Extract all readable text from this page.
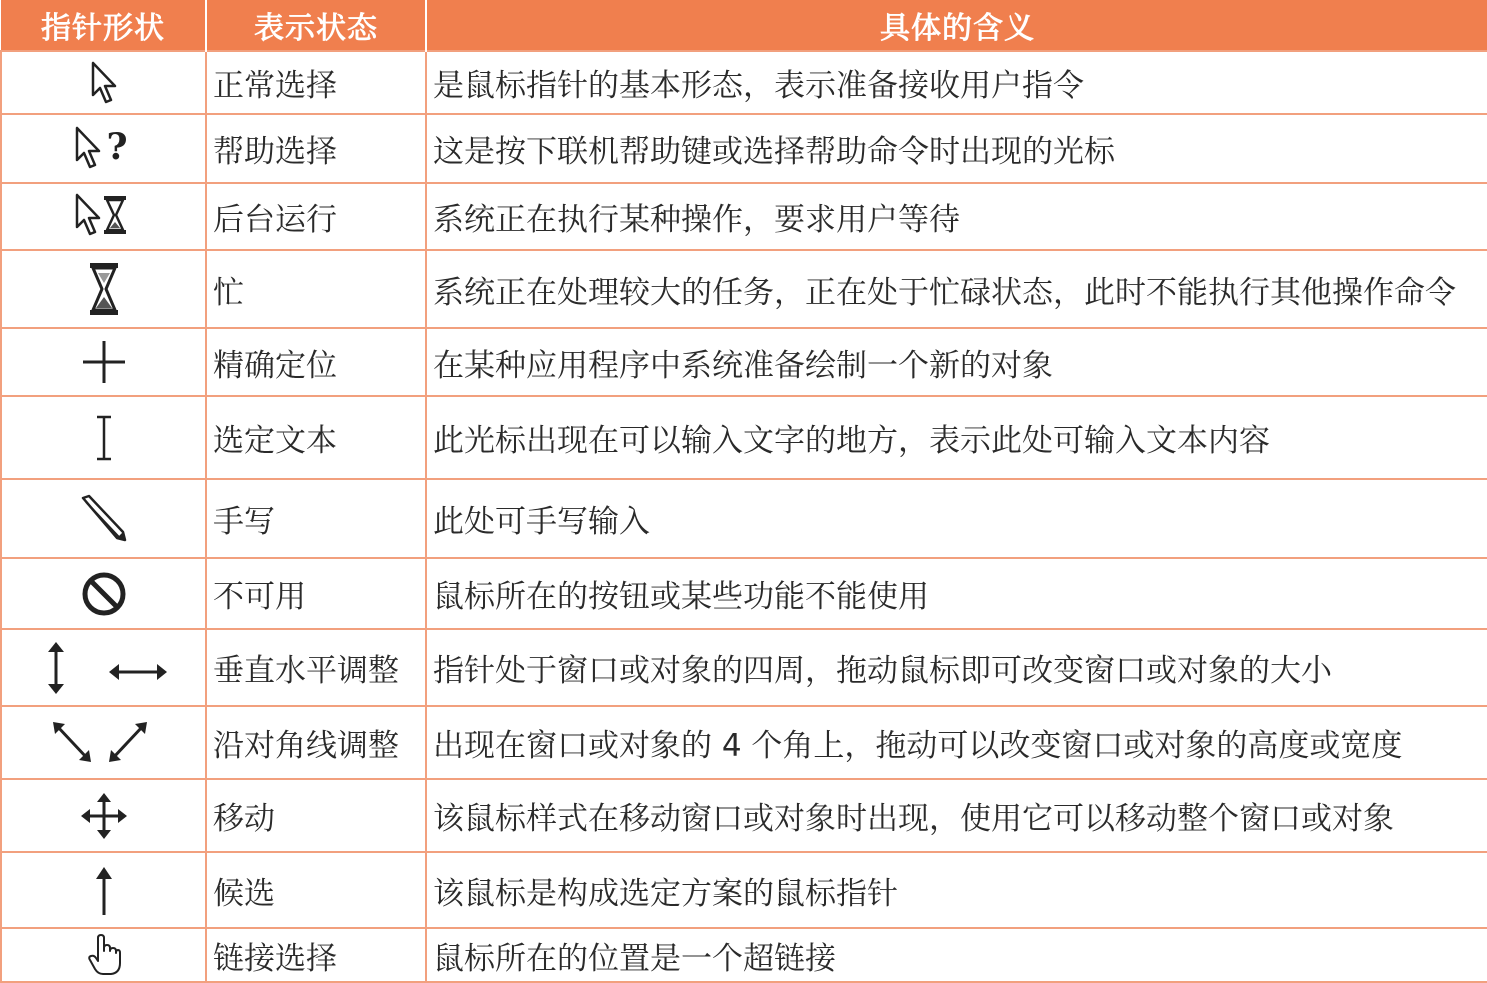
指针形状	表示状态	具体的含义
	正常选择	是鼠标指针的基本形态，表示准备接收用户指令

?	帮助选择	这是按下联机帮助键或选择帮助命令时出现的光标
	后台运行	系统正在执行某种操作，要求用户等待
	忙	系统正在处理较大的任务，正在处于忙碌状态，此时不能执行其他操作命令
	精确定位	在某种应用程序中系统准备绘制一个新的对象
	选定文本	此光标出现在可以输入文字的地方，表示此处可输入文本内容
	手写	此处可手写输入
	不可用	鼠标所在的按钮或某些功能不能使用
	垂直水平调整	指针处于窗口或对象的四周，拖动鼠标即可改变窗口或对象的大小
	沿对角线调整	出现在窗口或对象的 4 个角上，拖动可以改变窗口或对象的高度或宽度
	移动	该鼠标样式在移动窗口或对象时出现，使用它可以移动整个窗口或对象
	候选	该鼠标是构成选定方案的鼠标指针
	链接选择	鼠标所在的位置是一个超链接
